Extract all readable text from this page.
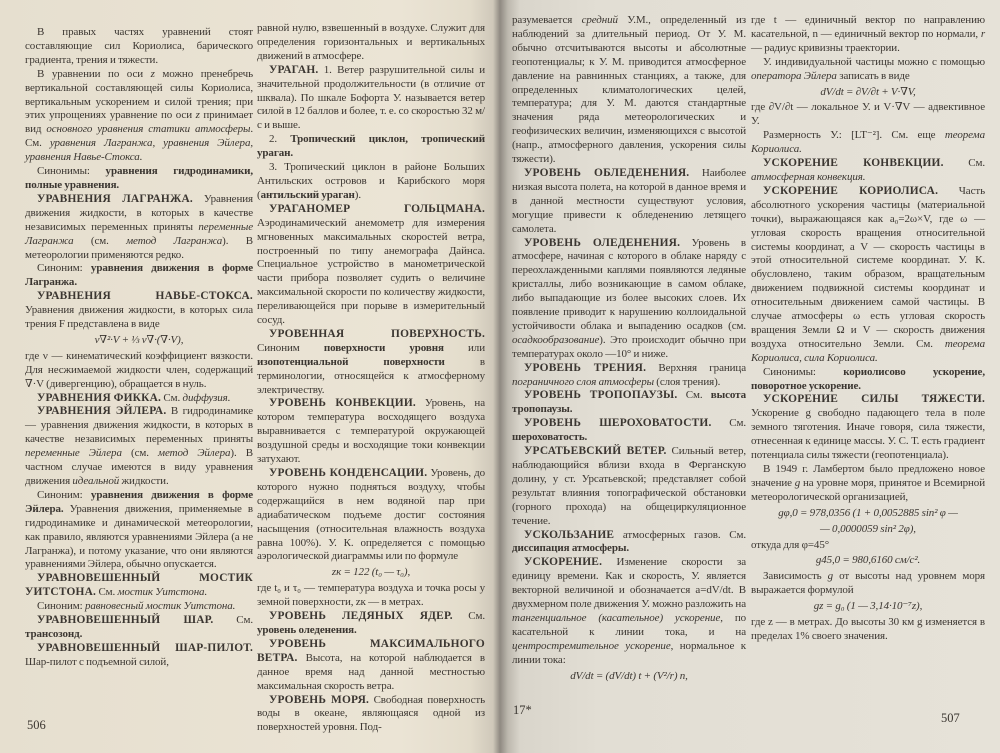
В правых частях уравнений стоят составляющие сил Кориолиса, барического градиента, трения и тяжести.

В уравнении по оси z можно пренебречь вертикальной составляющей силы Кориолиса, вертикальным ускорением и силой трения; при этих упрощениях уравнение по оси z принимает вид основного уравнения статики атмосферы. См. уравнения Лагранжа, уравнения Эйлера, уравнения Навье-Стокса.

Синонимы: уравнения гидродинамики, полные уравнения.

УРАВНЕНИЯ ЛАГРАНЖА. Уравнения движения жидкости, в которых в качестве независимых переменных приняты переменные Лагранжа (см. метод Лагранжа). В метеорологии применяются редко.

Синоним: уравнения движения в форме Лагранжа.

УРАВНЕНИЯ НАВЬЕ-СТОКСА. Уравнения движения жидкости, в которых сила трения F представлена в виде

ν∇²·V + ⅓ ν∇·(∇·V),

где ν — кинематический коэффициент вязкости. Для несжимаемой жидкости член, содержащий ∇·V (дивергенцию), обращается в нуль.

УРАВНЕНИЯ ФИККА. См. диффузия.

УРАВНЕНИЯ ЭЙЛЕРА. В гидродинамике — уравнения движения жидкости, в которых в качестве независимых переменных приняты переменные Эйлера (см. метод Эйлера). В частном случае имеются в виду уравнения движения идеальной жидкости.

Синоним: уравнения движения в форме Эйлера. Уравнения движения, применяемые в гидродинамике и динамической метеорологии, как правило, являются уравнениями Эйлера (а не Лагранжа), и потому указание, что они являются уравнениями Эйлера, обычно опускается.

УРАВНОВЕШЕННЫЙ МОСТИК УИТСТОНА. См. мостик Уитстона.

Синоним: равновесный мостик Уитстона.

УРАВНОВЕШЕННЫЙ ШАР. См. трансозонд.

УРАВНОВЕШЕННЫЙ ШАР-ПИЛОТ. Шар-пилот с подъемной силой,

равной нулю, взвешенный в воздухе. Служит для определения горизонтальных и вертикальных движений в атмосфере.

УРАГАН. 1. Ветер разрушительной силы и значительной продолжительности (в отличие от шквала). По шкале Бофорта У. называется ветер силой в 12 баллов и более, т. е. со скоростью 32 м/с и выше.

2. Тропический циклон, тропический ураган.

3. Тропический циклон в районе Больших Антильских островов и Карибского моря (антильский ураган).

УРАГАНОМЕР ГОЛЬЦМАНА. Аэродинамический анемометр для измерения мгновенных максимальных скоростей ветра, построенный по типу анемографа Дайнса. Специальное устройство в манометрической части прибора позволяет судить о величине максимальной скорости по количеству жидкости, переливающейся при порыве в измерительный сосуд.

УРОВЕННАЯ ПОВЕРХНОСТЬ. Синоним поверхности уровня или изопотенциальной поверхности в терминологии, относящейся к атмосферному электричеству.

УРОВЕНЬ КОНВЕКЦИИ. Уровень, на котором температура восходящего воздуха выравнивается с температурой окружающей воздушной среды и восходящие токи конвекции затухают.

УРОВЕНЬ КОНДЕНСАЦИИ. Уровень, до которого нужно подняться воздуху, чтобы содержащийся в нем водяной пар при адиабатическом подъеме достиг состояния насыщения (относительная влажность воздуха равна 100%). У. К. определяется с помощью аэрологической диаграммы или по формуле

zк = 122 (t₀ — τ₀),

где t₀ и τ₀ — температура воздуха и точка росы у земной поверхности, zк — в метрах.

УРОВЕНЬ ЛЕДЯНЫХ ЯДЕР. См. уровень оледенения.

УРОВЕНЬ МАКСИМАЛЬНОГО ВЕТРА. Высота, на которой наблюдается в данное время над данной местностью максимальная скорость ветра.

УРОВЕНЬ МОРЯ. Свободная поверхность воды в океане, являющаяся одной из поверхностей уровня. Под-

разумевается средний У.М., определенный из наблюдений за длительный период. От У. М. обычно отсчитываются высоты и абсолютные геопотенциалы; к У. М. приводится атмосферное давление на равнинных станциях, а также, для определенных климатологических целей, температура; для У. М. даются стандартные значения ряда метеорологических и геофизических величин, изменяющихся с высотой (напр., атмосферного давления, ускорения силы тяжести).

УРОВЕНЬ ОБЛЕДЕНЕНИЯ. Наиболее низкая высота полета, на которой в данное время и в данной местности существуют условия, могущие привести к обледенению летящего самолета.

УРОВЕНЬ ОЛЕДЕНЕНИЯ. Уровень в атмосфере, начиная с которого в облаке наряду с переохлажденными каплями появляются ледяные кристаллы, либо возникающие в самом облаке, либо выпадающие из более высоких слоев. Их появление приводит к нарушению коллоидальной устойчивости облака и выпадению осадков (см. осадкообразование). Это происходит обычно при температурах около —10° и ниже.

УРОВЕНЬ ТРЕНИЯ. Верхняя граница пограничного слоя атмосферы (слоя трения).

УРОВЕНЬ ТРОПОПАУЗЫ. См. высота тропопаузы.

УРОВЕНЬ ШЕРОХОВАТОСТИ. См. шероховатость.

УРСАТЬЕВСКИЙ ВЕТЕР. Сильный ветер, наблюдающийся вблизи входа в Ферганскую долину, у ст. Урсатьевской; представляет собой результат влияния топографической обстановки (горного прохода) на общециркуляционное течение.

УСКОЛЬЗАНИЕ атмосферных газов. См. диссипация атмосферы.

УСКОРЕНИЕ. Изменение скорости за единицу времени. Как и скорость, У. является векторной величиной и обозначается a=dV/dt. В двухмерном поле движения У. можно разложить на тангенциальное (касательное) ускорение, по касательной к линии тока, и на центростремительное ускорение, нормальное к линии тока:

dV/dt = (dV/dt) t + (V²/r) n,

где t — единичный вектор по направлению касательной, n — единичный вектор по нормали, r — радиус кривизны траектории.

У. индивидуальной частицы можно с помощью оператора Эйлера записать в виде

dV/dt = ∂V/∂t + V·∇V,

где ∂V/∂t — локальное У. и V·∇V — адвективное У.

Размерность У.: [LT⁻²]. См. еще теорема Кориолиса.

УСКОРЕНИЕ КОНВЕКЦИИ. См. атмосферная конвекция.

УСКОРЕНИЕ КОРИОЛИСА. Часть абсолютного ускорения частицы (материальной точки), выражающаяся как a₀=2ω×V, где ω — угловая скорость вращения относительной системы координат, а V — скорость частицы в этой относительной системе координат. У. К. обусловлено, таким образом, вращательным движением подвижной системы координат и относительным движением самой частицы. В случае атмосферы ω есть угловая скорость вращения Земли Ω и V — скорость движения воздуха относительно Земли. См. теорема Кориолиса, сила Кориолиса.

Синонимы: кориолисово ускорение, поворотное ускорение.

УСКОРЕНИЕ СИЛЫ ТЯЖЕСТИ. Ускорение g свободно падающего тела в поле земного тяготения. Иначе говоря, сила тяжести, отнесенная к единице массы. У. С. Т. есть градиент потенциала силы тяжести (геопотенциала).

В 1949 г. Ламбертом было предложено новое значение g на уровне моря, принятое и Всемирной метеорологической организацией,

gφ,0 = 978,0356 (1 + 0,0052885 sin² φ —

— 0,0000059 sin² 2φ),

откуда для φ=45°

g45,0 = 980,6160 см/с².

Зависимость g от высоты над уровнем моря выражается формулой

gz = g₀ (1 — 3,14·10⁻⁷z),

где z — в метрах. До высоты 30 км g изменяется в пределах 1% своего значения.

506
17*
507
